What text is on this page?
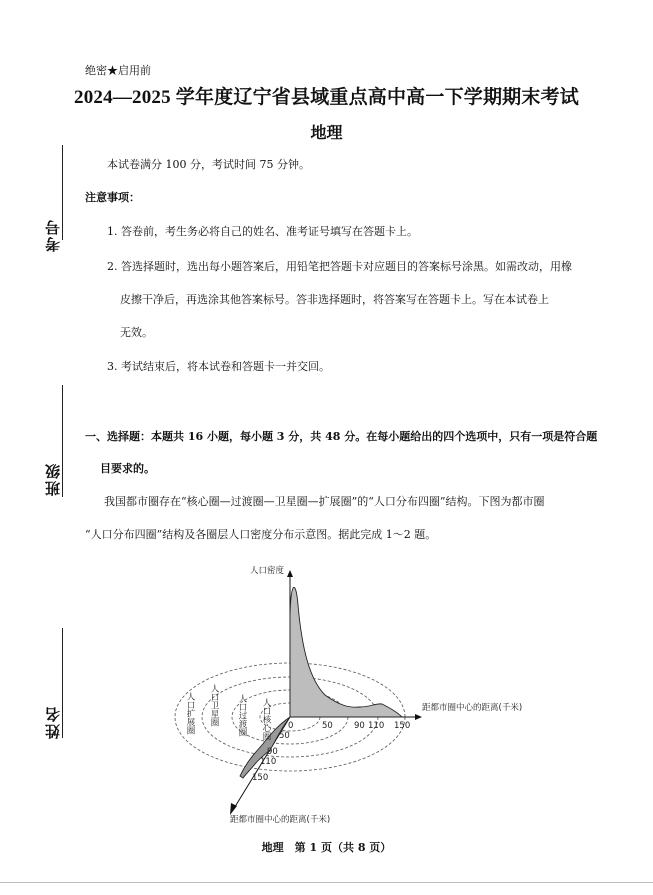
考号
班级
姓名
绝密★启用前
2024—2025 学年度辽宁省县域重点高中高一下学期期末考试
地理
本试卷满分 100 分，考试时间 75 分钟。
注意事项：
1. 答卷前，考生务必将自己的姓名、准考证号填写在答题卡上。
2. 答选择题时，选出每小题答案后，用铅笔把答题卡对应题目的答案标号涂黑。如需改动，用橡
皮擦干净后，再选涂其他答案标号。答非选择题时，将答案写在答题卡上。写在本试卷上
无效。
3. 考试结束后，将本试卷和答题卡一并交回。
一、选择题：本题共 16 小题，每小题 3 分，共 48 分。在每小题给出的四个选项中，只有一项是符合题
目要求的。
我国都市圈存在“核心圈—过渡圈—卫星圈—扩展圈”的“人口分布四圈”结构。下图为都市圈
“人口分布四圈”结构及各圈层人口密度分布示意图。据此完成 1～2 题。
人口扩展圈 人口卫星圈 人口过渡圈 人口核心圈
人口密度
距都市圈中心的距离(千米)
距都市圈中心的距离(千米)
0	50 90 110 150
50
90
110
150
地理　第 1 页（共 8 页）
